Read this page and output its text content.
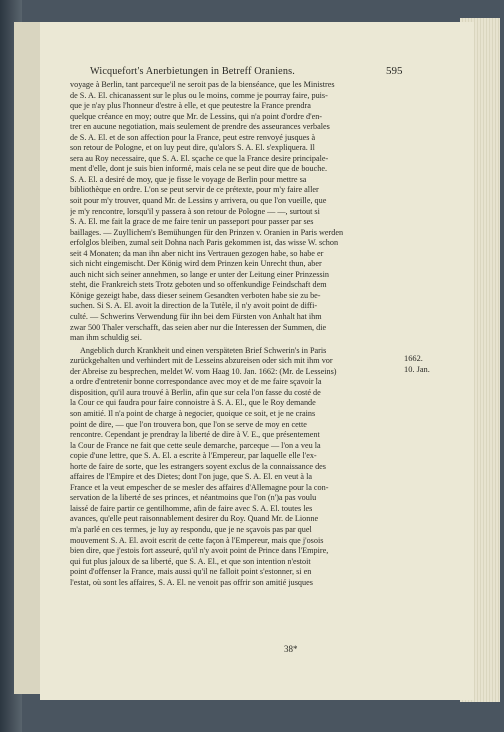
Wicquefort's Anerbietungen in Betreff Oraniens.	595
voyage à Berlin, tant parceque'il ne seroit pas de la bienséance, que les Ministres
de S. A. El. chicanassent sur le plus ou le moins, comme je pourray faire, puis-
que je n'ay plus l'honneur d'estre à elle, et que peutestre la France prendra
quelque créance en moy; outre que Mr. de Lessins, qui n'a point d'ordre d'en-
trer en aucune negotiation, mais seulement de prendre des asseurances verbales
de S. A. El. et de son affection pour la France, peut estre renvoyé jusques à
son retour de Pologne, et on luy peut dire, qu'alors S. A. El. s'expliquera. Il
sera au Roy necessaire, que S. A. El. sçache ce que la France desire principale-
ment d'elle, dont je suis bien informé, mais cela ne se peut dire que de bouche.
S. A. El. a desiré de moy, que je fisse le voyage de Berlin pour mettre sa
bibliothèque en ordre. L'on se peut servir de ce prétexte, pour m'y faire aller
soit pour m'y trouver, quand Mr. de Lessins y arrivera, ou que l'on vueille, que
je m'y rencontre, lorsqu'il y passera à son retour de Pologne — —, surtout si
S. A. El. me fait la grace de me faire tenir un passeport pour passer par ses
baillages. — Zuyllichem's Bemühungen für den Prinzen v. Oranien in Paris werden
erfolglos bleiben, zumal seit Dohna nach Paris gekommen ist, das wisse W. schon
seit 4 Monaten; da man ihn aber nicht ins Vertrauen gezogen habe, so habe er
sich nicht eingemischt. Der König wird dem Prinzen kein Unrecht thun, aber
auch nicht sich seiner annehmen, so lange er unter der Leitung einer Prinzessin
steht, die Frankreich stets Trotz geboten und so offenkundige Feindschaft dem
Könige gezeigt habe, dass dieser seinem Gesandten verboten habe sie zu be-
suchen. Si S. A. El. avoit la direction de la Tutèle, il n'y avoit point de diffi-
culté. — Schwerins Verwendung für ihn bei dem Fürsten von Anhalt hat ihm
zwar 500 Thaler verschafft, das seien aber nur die Interessen der Summen, die
man ihm schuldig sei.
Angeblich durch Krankheit und einen verspäteten Brief Schwerin's in Paris
zurückgehalten und verhindert mit de Lesseins abzureisen oder sich mit ihm vor
der Abreise zu besprechen, meldet W. vom Haag 10. Jan. 1662: (Mr. de Lesseins)
a ordre d'entretenir bonne correspondance avec moy et de me faire sçavoir la
disposition, qu'il aura trouvé à Berlin, afin que sur cela l'on fasse du costé de
la Cour ce qui faudra pour faire connoistre à S. A. El., que le Roy demande
son amitié. Il n'a point de charge à negocier, quoique ce soit, et je ne crains
point de dire, — que l'on trouvera bon, que l'on se serve de moy en cette
rencontre. Cependant je prendray la liberté de dire à V. E., que présentement
la Cour de France ne fait que cette seule demarche, parceque — l'on a veu la
copie d'une lettre, que S. A. El. a escrite à l'Empereur, par laquelle elle l'ex-
horte de faire de sorte, que les estrangers soyent exclus de la connaissance des
affaires de l'Empire et des Dietes; dont l'on juge, que S. A. El. en veut à la
France et la veut empescher de se mesler des affaires d'Allemagne pour la con-
servation de la liberté de ses princes, et néantmoins que l'on (n')a pas voulu
laissé de faire partir ce gentilhomme, afin de faire avec S. A. El. toutes les
avances, qu'elle peut raisonnablement desirer du Roy. Quand Mr. de Lionne
m'a parlé en ces termes, je luy ay respondu, que je ne sçavois pas par quel
mouvement S. A. El. avoit escrit de cette façon à l'Empereur, mais que j'osois
bien dire, que j'estois fort asseuré, qu'il n'y avoit point de Prince dans l'Empire,
qui fut plus jaloux de sa liberté, que S. A. El., et que son intention n'estoit
point d'offenser la France, mais aussi qu'il ne falloit point s'estonner, si en
l'estat, où sont les affaires, S. A. El. ne venoit pas offrir son amitié jusques
1662.
10. Jan.
38*
